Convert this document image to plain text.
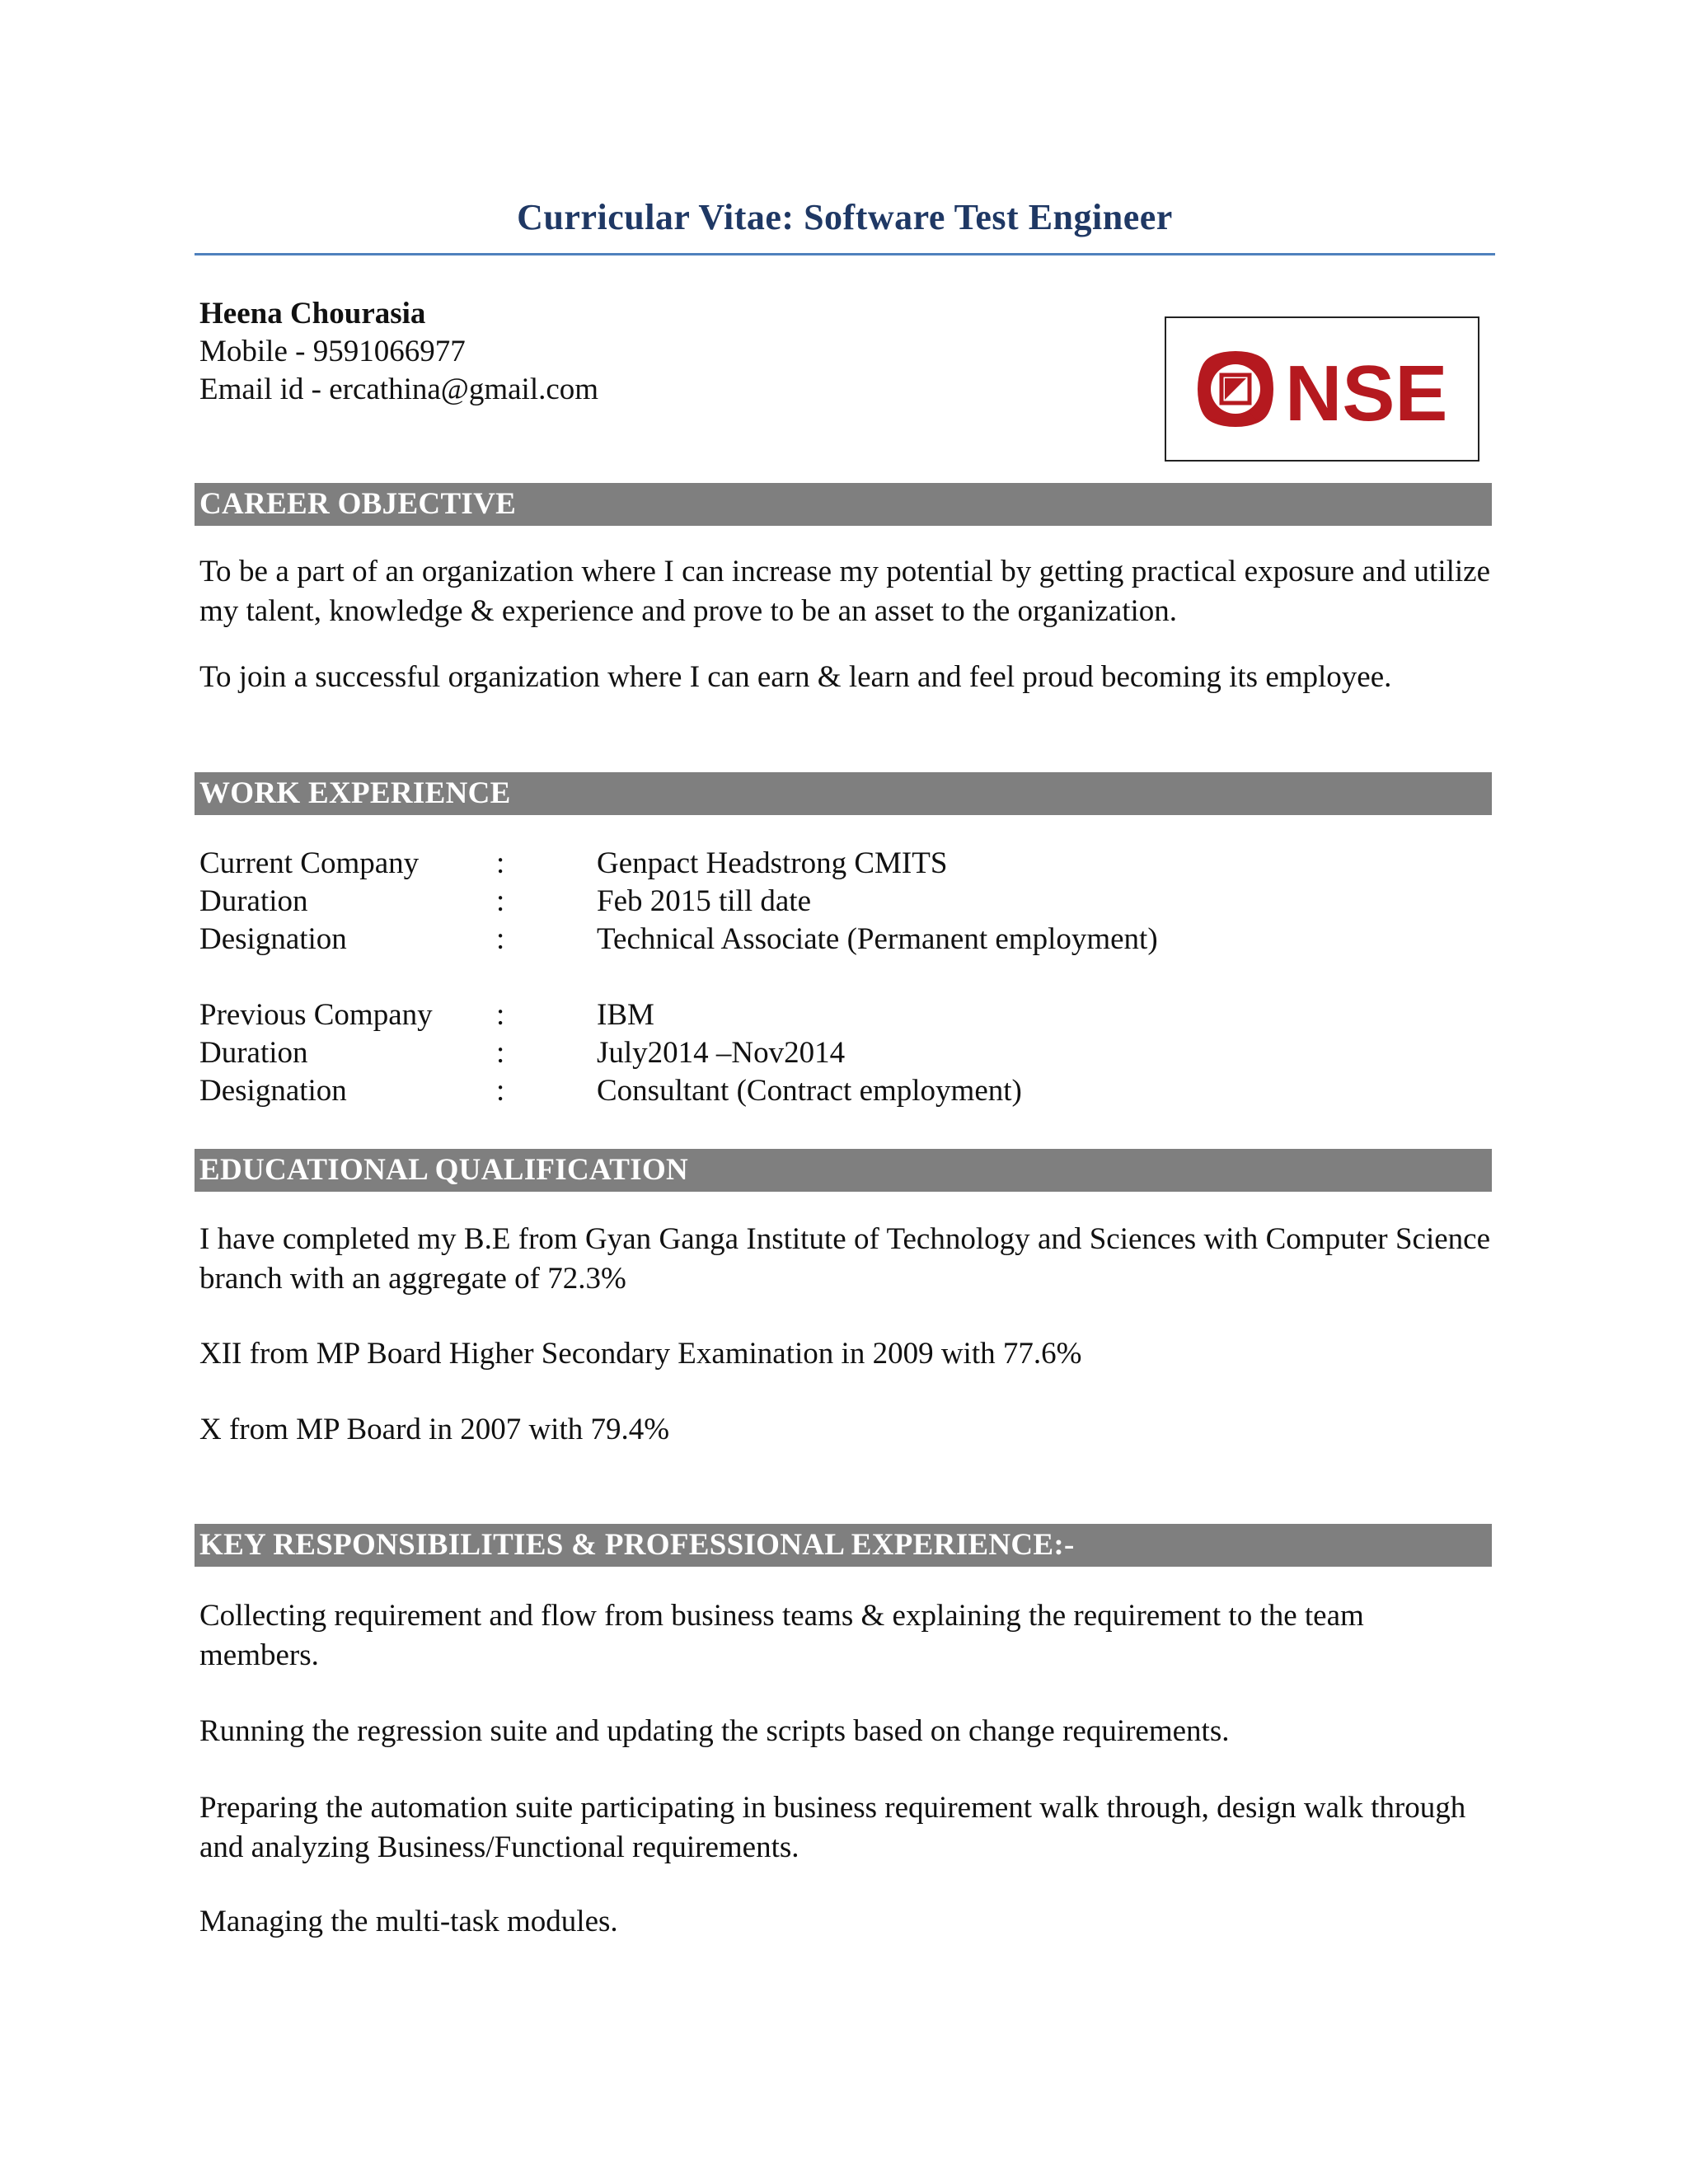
Curricular Vitae: Software Test Engineer
Heena Chourasia
Mobile - 9591066977
Email id - ercathina@gmail.com	NSE
CAREER OBJECTIVE
To be a part of an organization where I can increase my potential by getting practical exposure and utilize my talent, knowledge & experience and prove to be an asset to the organization.
To join a successful organization where I can earn & learn and feel proud becoming its employee.
WORK EXPERIENCE
Current Company	:	Genpact Headstrong CMITS
Duration	:	Feb 2015 till date
Designation	:	Technical Associate (Permanent employment)
Previous Company :	IBM
Duration	:	July2014 –Nov2014
Designation	:	Consultant (Contract employment)
EDUCATIONAL QUALIFICATION
I have completed my B.E from Gyan Ganga Institute of Technology and Sciences with Computer Science branch with an aggregate of 72.3%
XII from MP Board Higher Secondary Examination in 2009 with 77.6%
X from MP Board in 2007 with 79.4%
KEY RESPONSIBILITIES & PROFESSIONAL EXPERIENCE:-
Collecting requirement and flow from business teams & explaining the requirement to the team members.
Running the regression suite and updating the scripts based on change requirements.
Preparing the automation suite participating in business requirement walk through, design walk through and analyzing Business/Functional requirements.
Managing the multi-task modules.
